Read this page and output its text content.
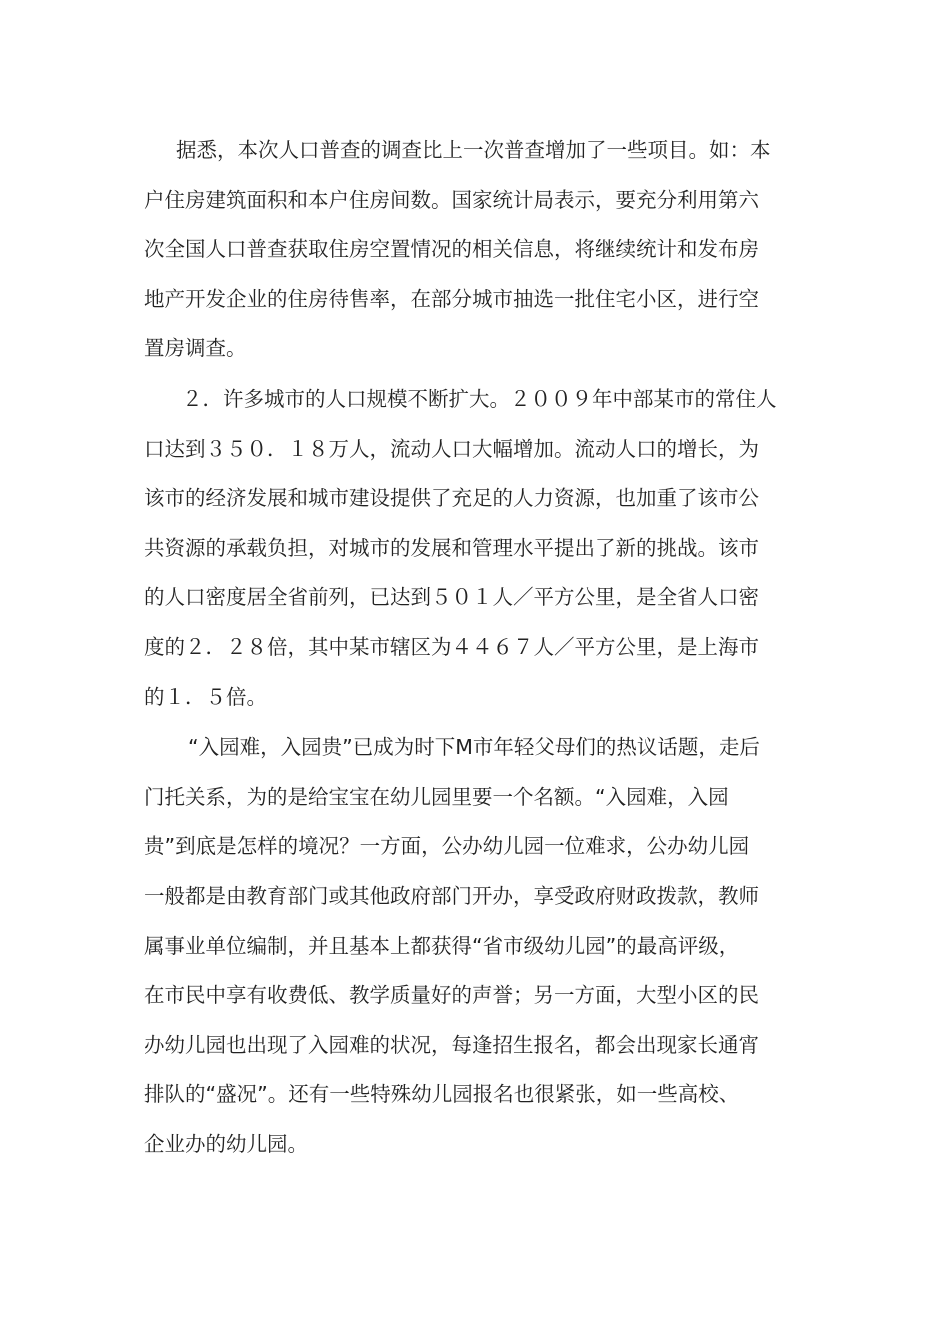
据悉，本次人口普查的调查比上一次普查增加了一些项目。如：本
户住房建筑面积和本户住房间数。国家统计局表示，要充分利用第六
次全国人口普查获取住房空置情况的相关信息，将继续统计和发布房
地产开发企业的住房待售率，在部分城市抽选一批住宅小区，进行空
置房调查。
２．许多城市的人口规模不断扩大。２００９年中部某市的常住人
口达到３５０．１８万人，流动人口大幅增加。流动人口的增长，为
该市的经济发展和城市建设提供了充足的人力资源，也加重了该市公
共资源的承载负担，对城市的发展和管理水平提出了新的挑战。该市
的人口密度居全省前列，已达到５０１人／平方公里，是全省人口密
度的２．２８倍，其中某市辖区为４４６７人／平方公里，是上海市
的１．５倍。
“入园难，入园贵”已成为时下M市年轻父母们的热议话题，走后
门托关系，为的是给宝宝在幼儿园里要一个名额。“入园难，入园
贵”到底是怎样的境况？一方面，公办幼儿园一位难求，公办幼儿园
一般都是由教育部门或其他政府部门开办，享受政府财政拨款，教师
属事业单位编制，并且基本上都获得“省市级幼儿园”的最高评级，
在市民中享有收费低、教学质量好的声誉；另一方面，大型小区的民
办幼儿园也出现了入园难的状况，每逢招生报名，都会出现家长通宵
排队的“盛况”。还有一些特殊幼儿园报名也很紧张，如一些高校、
企业办的幼儿园。
